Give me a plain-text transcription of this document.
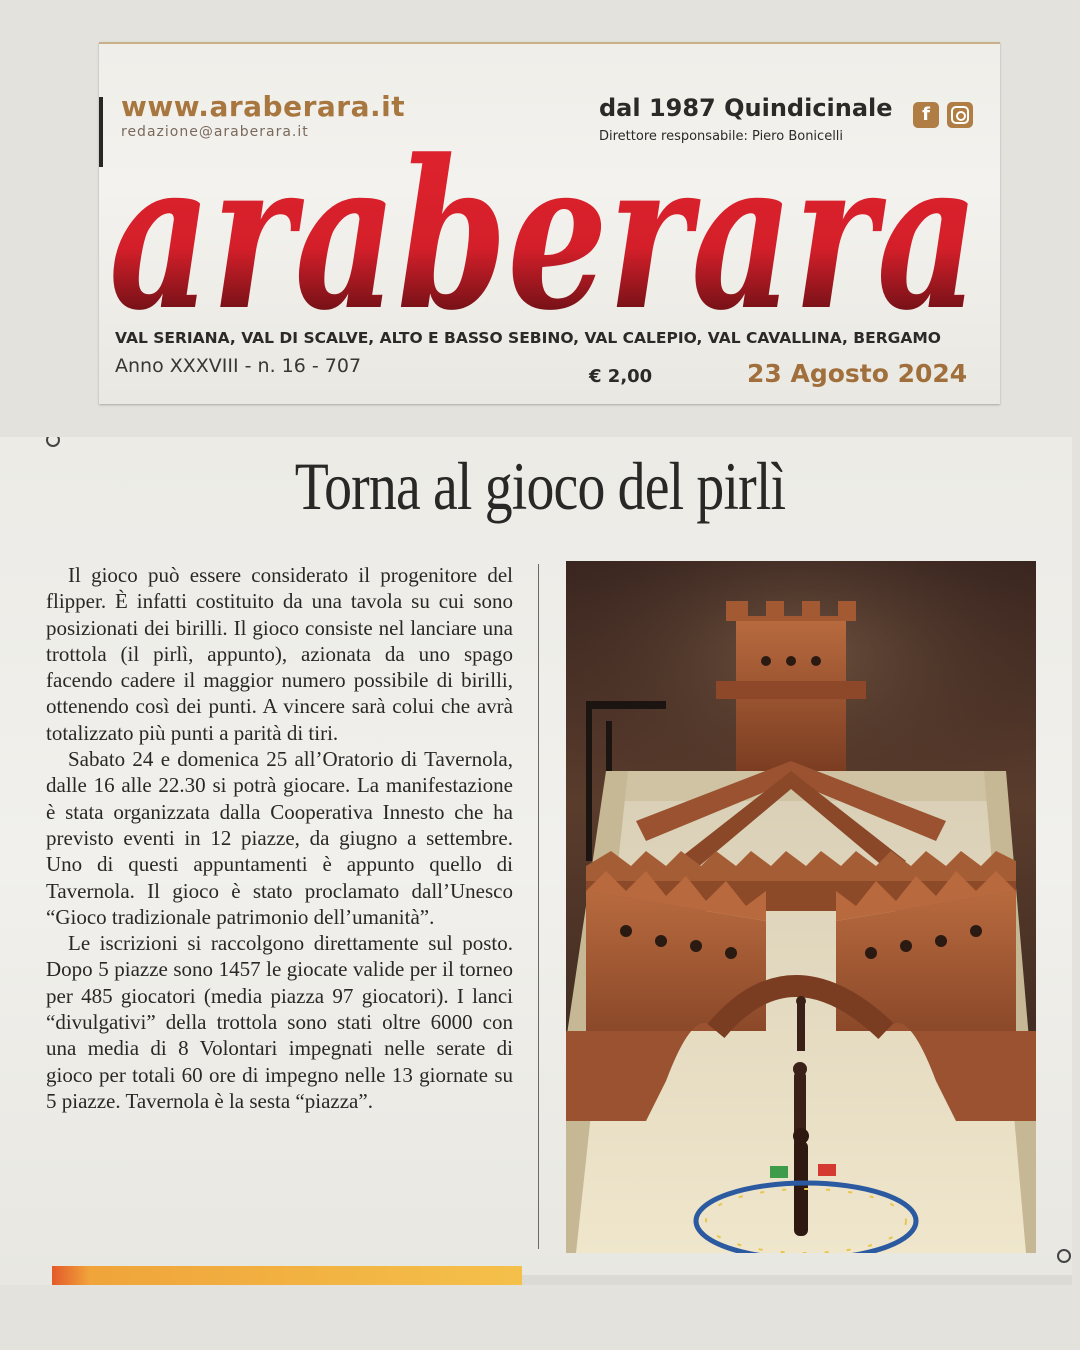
www.araberara.it
redazione@araberara.it
dal 1987 Quindicinale
Direttore responsabile: Piero Bonicelli
f
araberara
VAL SERIANA, VAL DI SCALVE, ALTO E BASSO SEBINO, VAL CALEPIO, VAL CAVALLINA, BERGAMO
Anno XXXVIII - n. 16 - 707	€ 2,00	23 Agosto 2024
Torna al gioco del pirlì

Il gioco può essere considerato il progenitore del flipper. È infatti costituito da una tavola su cui sono posizionati dei birilli. Il gioco consiste nel lanciare una trottola (il pirlì, appunto), azionata da uno spago facendo cadere il maggior numero possibile di birilli, ottenendo così dei punti. A vincere sarà colui che avrà totalizzato più punti a parità di tiri.

Sabato 24 e domenica 25 all’Oratorio di Tavernola, dalle 16 alle 22.30 si potrà giocare. La manifestazione è stata organizzata dalla Cooperativa Innesto che ha previsto eventi in 12 piazze, da giugno a settembre. Uno di questi appuntamenti è appunto quello di Tavernola. Il gioco è stato proclamato dall’Unesco “Gioco tradizionale patrimonio dell’umanità”.

Le iscrizioni si raccolgono direttamente sul posto. Dopo 5 piazze sono 1457 le giocate valide per il torneo per 485 giocatori (media piazza 97 giocatori). I lanci “divulgativi” della trottola sono stati oltre 6000 con una media di 8 Volontari impegnati nelle serate di gioco per totali 60 ore di impegno nelle 13 giornate su 5 piazze. Tavernola è la sesta “piazza”.
